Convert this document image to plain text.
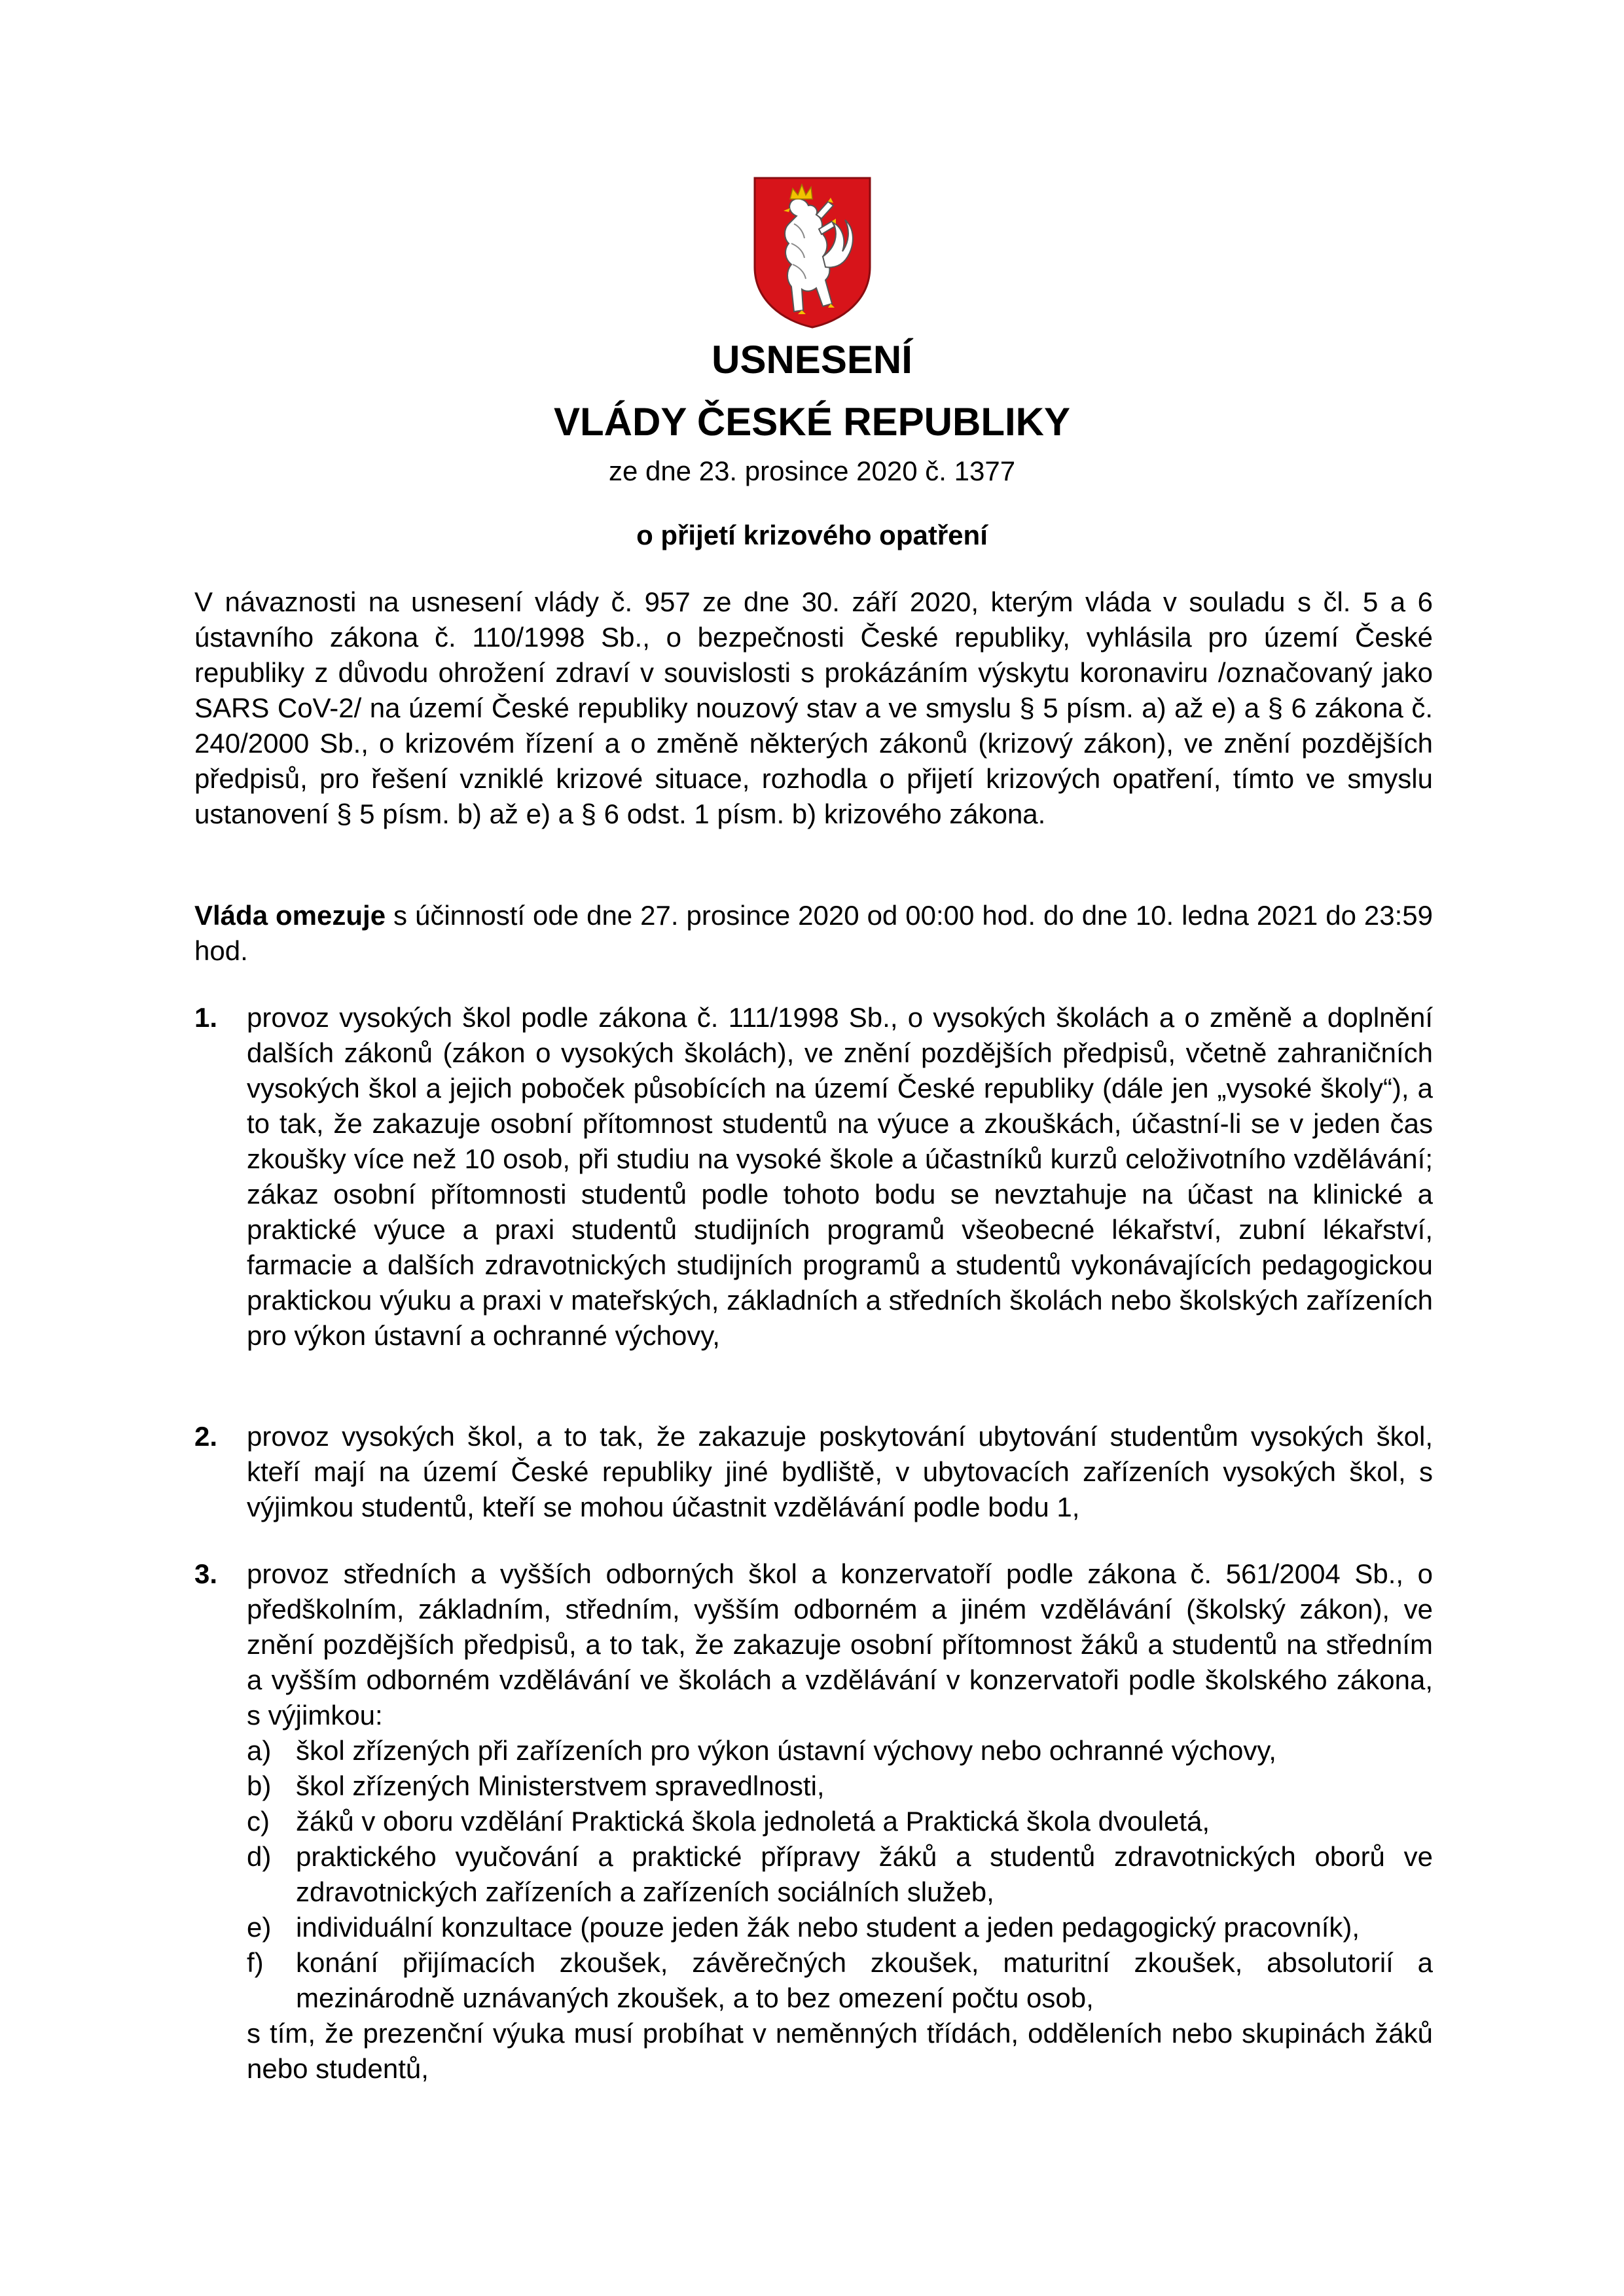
USNESENÍ
VLÁDY ČESKÉ REPUBLIKY
ze dne 23. prosince 2020 č. 1377
o přijetí krizového opatření

V návaznosti na usnesení vlády č. 957 ze dne 30. září 2020, kterým vláda v souladu s čl. 5 a 6 ústavního zákona č. 110/1998 Sb., o bezpečnosti České republiky, vyhlásila pro území České republiky z důvodu ohrožení zdraví v souvislosti s prokázáním výskytu koronaviru /označovaný jako SARS CoV-2/ na území České republiky nouzový stav a ve smyslu § 5 písm. a) až e) a § 6 zákona č. 240/2000 Sb., o krizovém řízení a o změně některých zákonů (krizový zákon), ve znění pozdějších předpisů, pro řešení vzniklé krizové situace, rozhodla o přijetí krizových opatření, tímto ve smyslu ustanovení § 5 písm. b) až e) a § 6 odst. 1 písm. b) krizového zákona.

Vláda omezuje s účinností ode dne 27. prosince 2020 od 00:00 hod. do dne 10. ledna 2021 do 23:59 hod.

1. provoz vysokých škol podle zákona č. 111/1998 Sb., o vysokých školách a o změně a doplnění dalších zákonů (zákon o vysokých školách), ve znění pozdějších předpisů, včetně zahraničních vysokých škol a jejich poboček působících na území České republiky (dále jen „vysoké školy“), a to tak, že zakazuje osobní přítomnost studentů na výuce a zkouškách, účastní-li se v jeden čas zkoušky více než 10 osob, při studiu na vysoké škole a účastníků kurzů celoživotního vzdělávání; zákaz osobní přítomnosti studentů podle tohoto bodu se nevztahuje na účast na klinické a praktické výuce a praxi studentů studijních programů všeobecné lékařství, zubní lékařství, farmacie a dalších zdravotnických studijních programů a studentů vykonávajících pedagogickou praktickou výuku a praxi v mateřských, základních a středních školách nebo školských zařízeních pro výkon ústavní a ochranné výchovy,
2. provoz vysokých škol, a to tak, že zakazuje poskytování ubytování studentům vysokých škol, kteří mají na území České republiky jiné bydliště, v ubytovacích zařízeních vysokých škol, s výjimkou studentů, kteří se mohou účastnit vzdělávání podle bodu 1,
3. provoz středních a vyšších odborných škol a konzervatoří podle zákona č. 561/2004 Sb., o předškolním, základním, středním, vyšším odborném a jiném vzdělávání (školský zákon), ve znění pozdějších předpisů, a to tak, že zakazuje osobní přítomnost žáků a studentů na středním a vyšším odborném vzdělávání ve školách a vzdělávání v konzervatoři podle školského zákona, s výjimkou:
a) škol zřízených při zařízeních pro výkon ústavní výchovy nebo ochranné výchovy,
b) škol zřízených Ministerstvem spravedlnosti,
c) žáků v oboru vzdělání Praktická škola jednoletá a Praktická škola dvouletá,
d) praktického vyučování a praktické přípravy žáků a studentů zdravotnických oborů ve zdravotnických zařízeních a zařízeních sociálních služeb,
e) individuální konzultace (pouze jeden žák nebo student a jeden pedagogický pracovník),
f) konání přijímacích zkoušek, závěrečných zkoušek, maturitní zkoušek, absolutorií a mezinárodně uznávaných zkoušek, a to bez omezení počtu osob,
s tím, že prezenční výuka musí probíhat v neměnných třídách, odděleních nebo skupinách žáků nebo studentů,
